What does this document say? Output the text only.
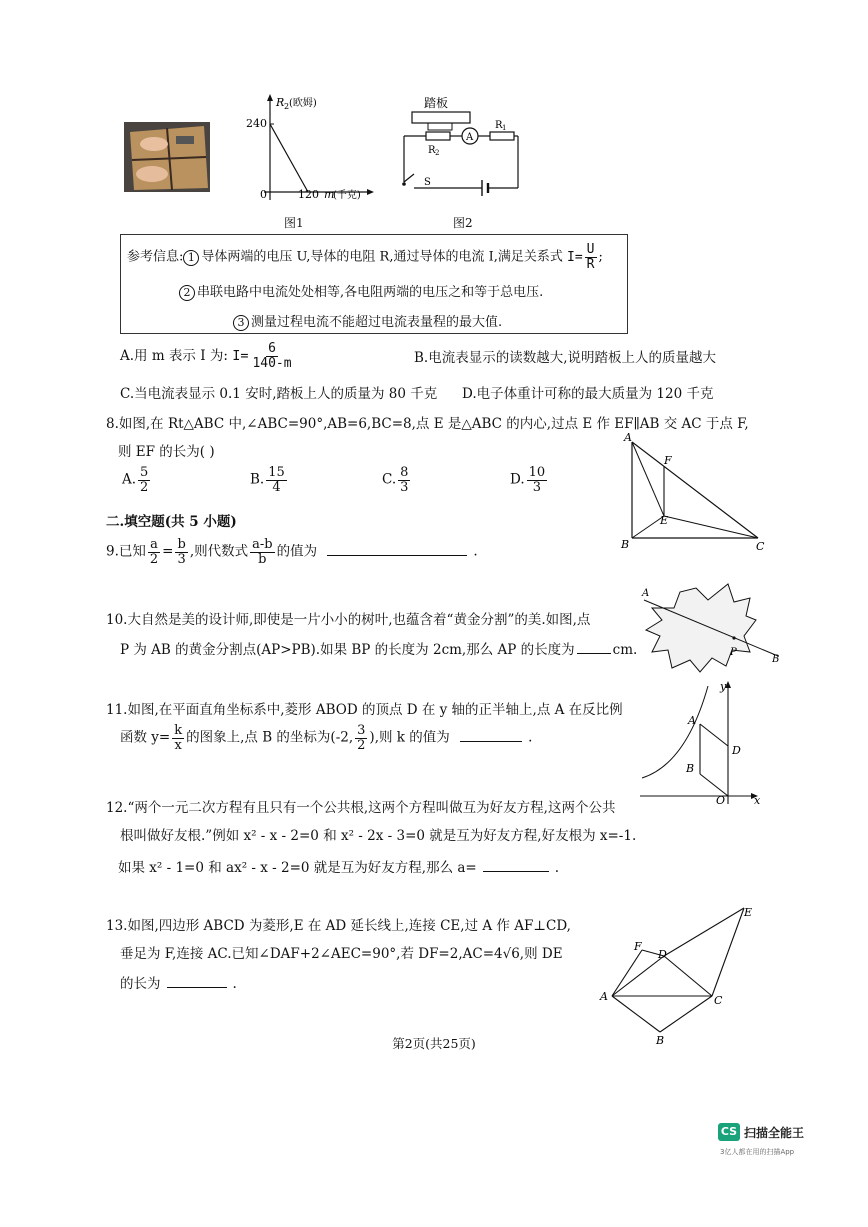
R 2 (欧姆)
240
0	120 m
(千克)
图1
踏板
A
R 1
R 2
S
图2
参考信息: 1 导体两端的电压 U,导体的电阻 R,通过导体的电流 I,满足关系式 $I= \frac{U}{R}$ ;
2 串联电路中电流处处相等,各电阻两端的电压之和等于总电压.
3 测量过程电流不能超过电流表量程的最大值.
A.用 m 表示 I 为: $I= \frac{6}{140-m}$	B.电流表显示的读数越大,说明踏板上人的质量越大
C.当电流表显示 0.1 安时,踏板上人的质量为 80 千克 D.电子体重计可称的最大质量为 120 千克
8.如图,在 Rt△ABC 中,∠ABC=90°,AB=6,BC=8,点 E 是△ABC 的内心,过点 E 作 EF∥AB 交 AC 于点 F,
则 EF 的长为( )
A. $\frac{5}{2}$	B. $\frac{15}{4}$	C. $\frac{8}{3}$	D. $\frac{10}{3}$
A
F
E
B	C
二.填空题(共 5 小题)
9.已知 $\frac{a}{2} = \frac{b}{3}$ ,则代数式 $\frac{a-b}{b}$ 的值为	.
10.大自然是美的设计师,即使是一片小小的树叶,也蕴含着“黄金分割”的美.如图,点
P 为 AB 的黄金分割点(AP>PB).如果 BP 的长度为 2cm,那么 AP 的长度为	cm.
A
P
B
11.如图,在平面直角坐标系中,菱形 ABOD 的顶点 D 在 y 轴的正半轴上,点 A 在反比例
函数 $y= \frac{k}{x}$ 的图象上,点 B 的坐标为(-2, $\frac{3}{2}$ ),则 k 的值为	.
y
A
D
B
O	x
12.“两个一元二次方程有且只有一个公共根,这两个方程叫做互为好友方程,这两个公共
根叫做好友根.”例如 x² - x - 2=0 和 x² - 2x - 3=0 就是互为好友方程,好友根为 x=-1.
如果 x² - 1=0 和 ax² - x - 2=0 就是互为好友方程,那么 a=	.
13.如图,四边形 ABCD 为菱形,E 在 AD 延长线上,连接 CE,过 A 作 AF⊥CD,
垂足为 F,连接 AC.已知∠DAF+2∠AEC=90°,若 DF=2,AC=4√6,则 DE
的长为	.
F
D
E
A	C
B
第2页(共25页)
CS 扫描全能王
3亿人都在用的扫描App
